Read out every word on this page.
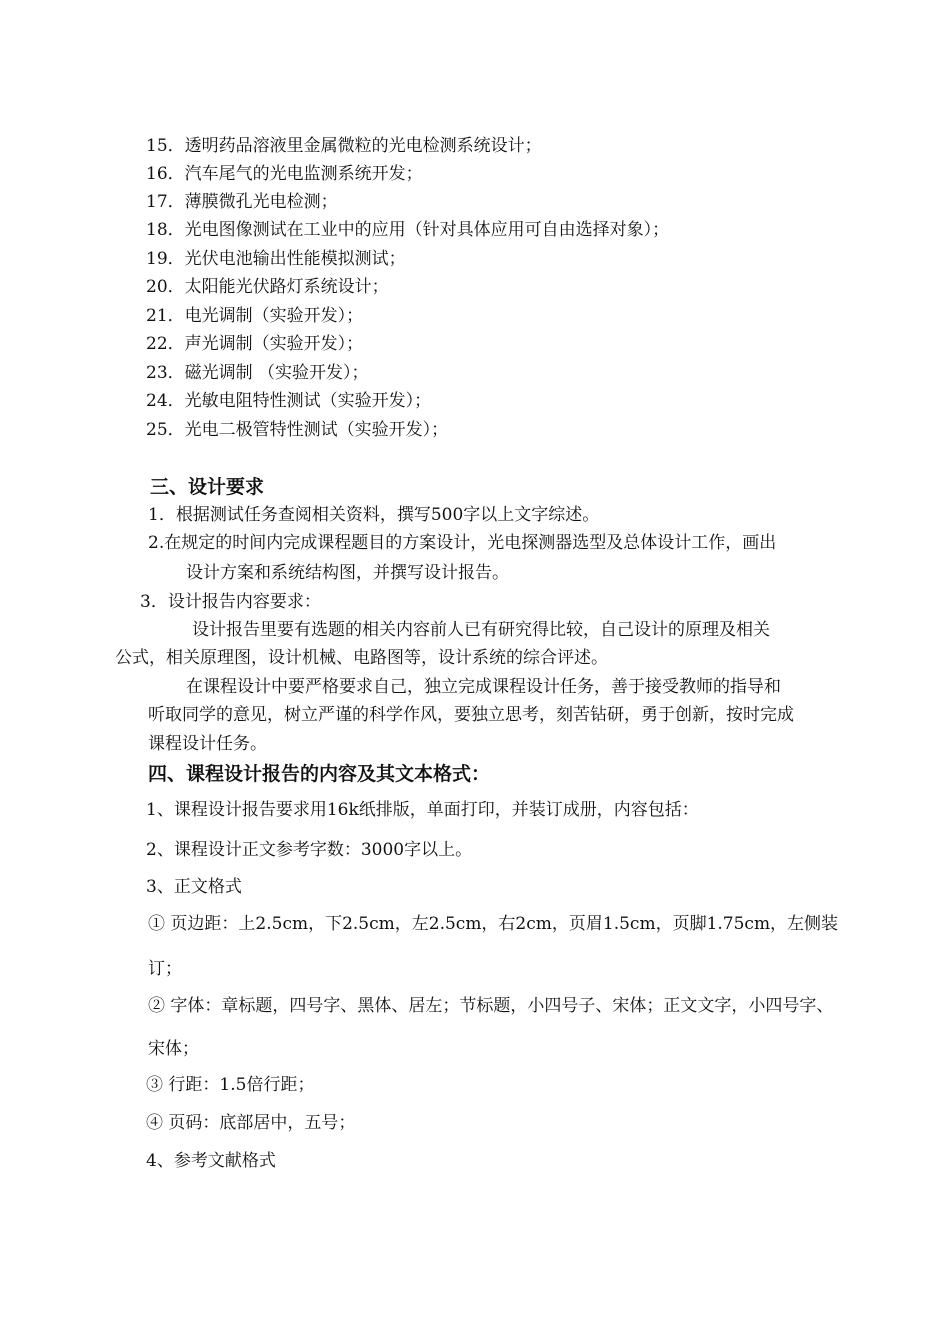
15．透明药品溶液里金属微粒的光电检测系统设计；
16．汽车尾气的光电监测系统开发；
17．薄膜微孔光电检测；
18．光电图像测试在工业中的应用（针对具体应用可自由选择对象）；
19．光伏电池输出性能模拟测试；
20．太阳能光伏路灯系统设计；
21．电光调制（实验开发）；
22．声光调制（实验开发）；
23．磁光调制 （实验开发）；
24．光敏电阻特性测试（实验开发）；
25．光电二极管特性测试（实验开发）；
三、设计要求
1．根据测试任务查阅相关资料，撰写500字以上文字综述。
2.在规定的时间内完成课程题目的方案设计，光电探测器选型及总体设计工作，画出
设计方案和系统结构图，并撰写设计报告。
3．设计报告内容要求：
设计报告里要有选题的相关内容前人已有研究得比较，自己设计的原理及相关
公式，相关原理图，设计机械、电路图等，设计系统的综合评述。
在课程设计中要严格要求自己，独立完成课程设计任务，善于接受教师的指导和
听取同学的意见，树立严谨的科学作风，要独立思考，刻苦钻研，勇于创新，按时完成
课程设计任务。
四、课程设计报告的内容及其文本格式：
1、课程设计报告要求用16k纸排版，单面打印，并装订成册，内容包括：
2、课程设计正文参考字数：3000字以上。
3、正文格式
① 页边距：上2.5cm，下2.5cm，左2.5cm，右2cm，页眉1.5cm，页脚1.75cm，左侧装
订；
② 字体：章标题，四号字、黑体、居左；节标题，小四号子、宋体；正文文字，小四号字、
宋体；
③ 行距：1.5倍行距；
④ 页码：底部居中，五号；
4、参考文献格式
